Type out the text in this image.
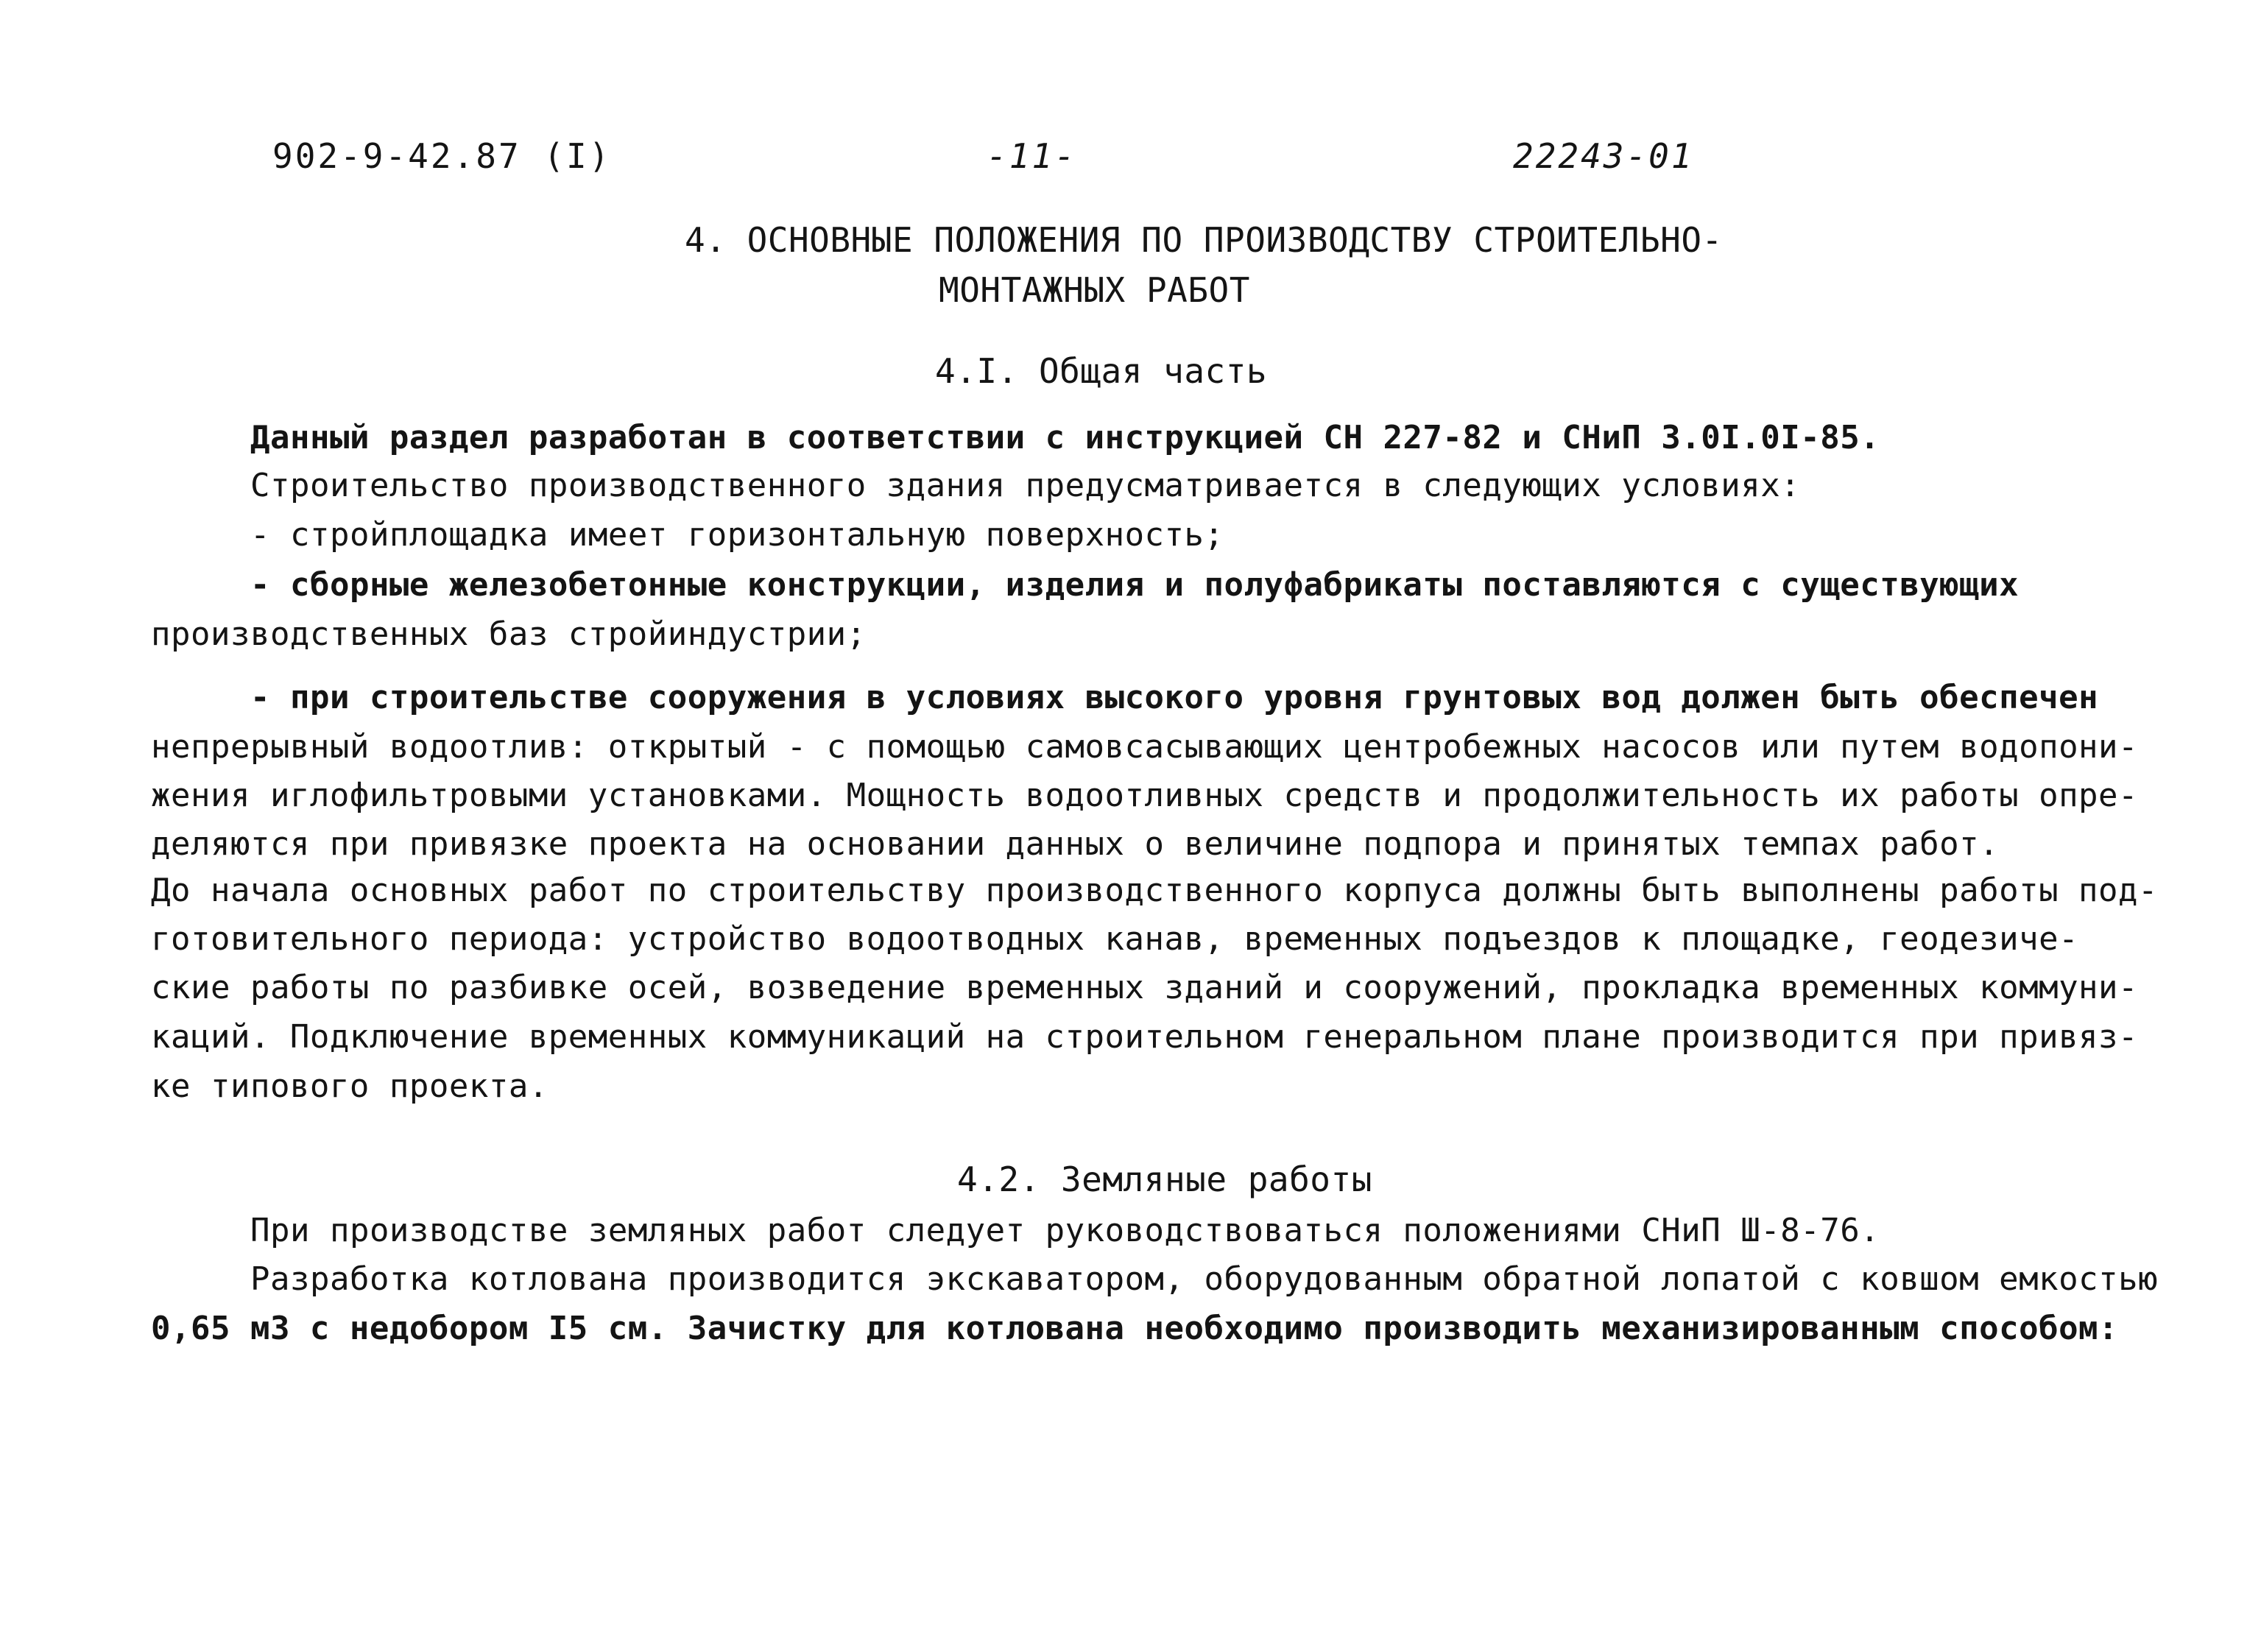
902-9-42.87 (I)	-11-	22243-01
4. ОСНОВНЫЕ ПОЛОЖЕНИЯ ПО ПРОИЗВОДСТВУ СТРОИТЕЛЬНО-
МОНТАЖНЫХ РАБОТ
4.I. Общая часть
Данный раздел разработан в соответствии с инструкцией СН 227-82 и СНиП 3.0I.0I-85.
Строительство производственного здания предусматривается в следующих условиях:
- стройплощадка имеет горизонтальную поверхность;
- сборные железобетонные конструкции, изделия и полуфабрикаты поставляются с существующих
производственных баз стройиндустрии;
- при строительстве сооружения в условиях высокого уровня грунтовых вод должен быть обеспечен
непрерывный водоотлив: открытый - с помощью самовсасывающих центробежных насосов или путем водопони-
жения иглофильтровыми установками. Мощность водоотливных средств и продолжительность их работы опре-
деляются при привязке проекта на основании данных о величине подпора и принятых темпах работ.
До начала основных работ по строительству производственного корпуса должны быть выполнены работы под-
готовительного периода: устройство водоотводных канав, временных подъездов к площадке, геодезиче-
ские работы по разбивке осей, возведение временных зданий и сооружений, прокладка временных коммуни-
каций. Подключение временных коммуникаций на строительном генеральном плане производится при привяз-
ке типового проекта.
4.2. Земляные работы
При производстве земляных работ следует руководствоваться положениями СНиП Ш-8-76.
Разработка котлована производится экскаватором, оборудованным обратной лопатой с ковшом емкостью
0,65 м3 с недобором I5 см. Зачистку для котлована необходимо производить механизированным способом:
